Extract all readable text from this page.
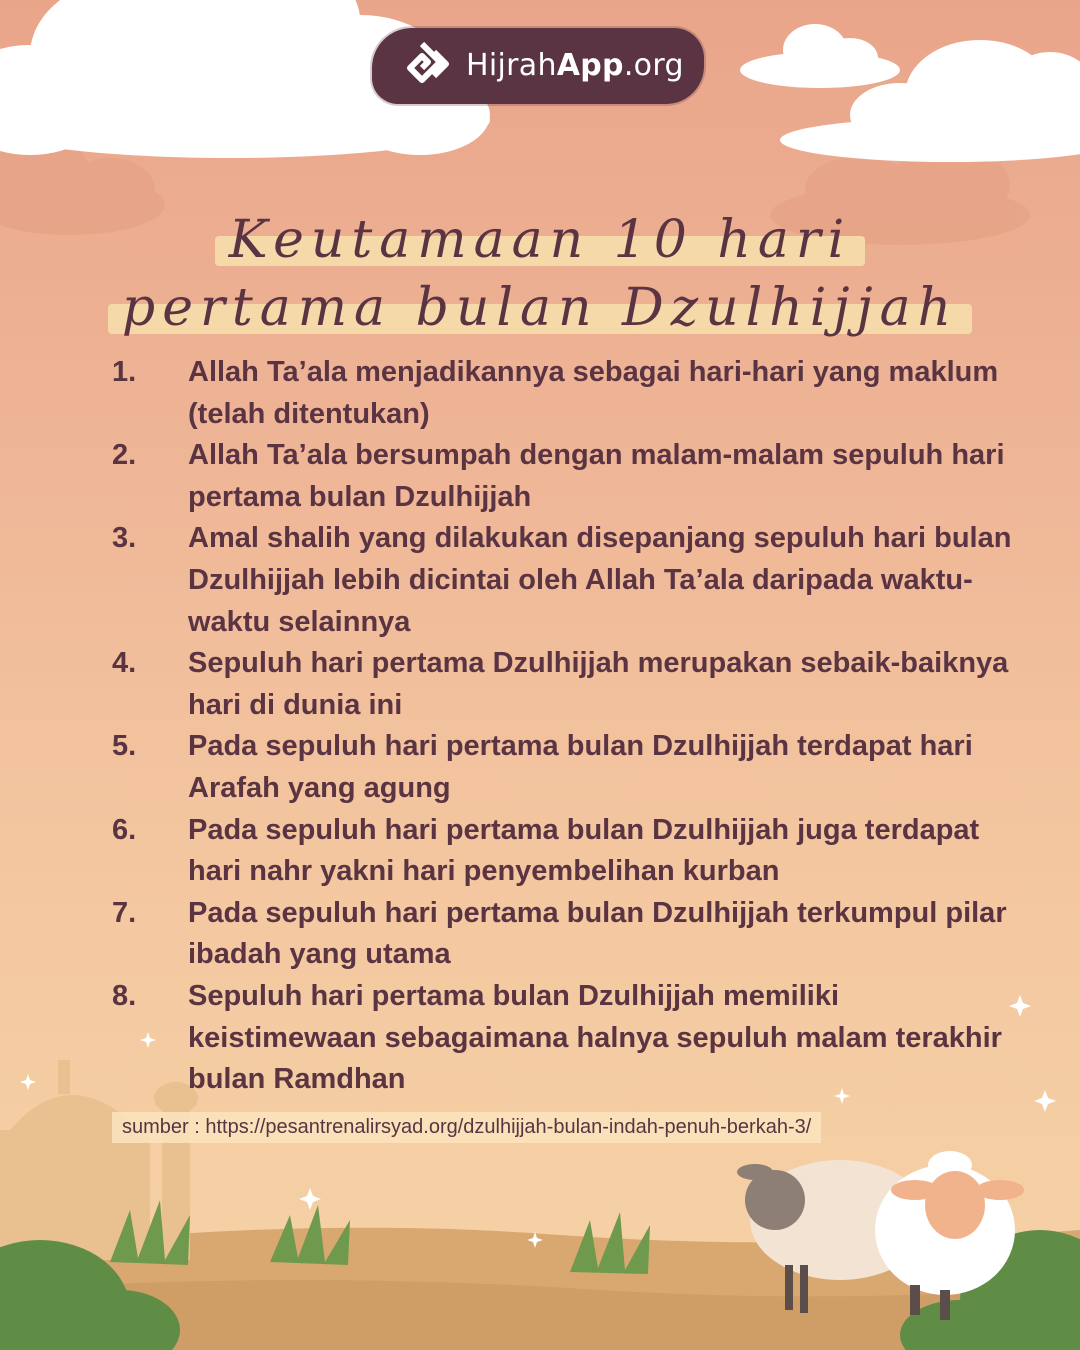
HijrahApp.org
Keutamaan 10 hari
pertama bulan Dzulhijjah
1. Allah Ta’ala menjadikannya sebagai hari-hari yang maklum (telah ditentukan)
2. Allah Ta’ala bersumpah dengan malam-malam sepuluh hari pertama bulan Dzulhijjah
3. Amal shalih yang dilakukan disepanjang sepuluh hari bulan Dzulhijjah lebih dicintai oleh Allah Ta’ala daripada waktu-waktu selainnya
4. Sepuluh hari pertama Dzulhijjah merupakan sebaik-baiknya hari di dunia ini
5. Pada sepuluh hari pertama bulan Dzulhijjah terdapat hari Arafah yang agung
6. Pada sepuluh hari pertama bulan Dzulhijjah juga terdapat hari nahr yakni hari penyembelihan kurban
7. Pada sepuluh hari pertama bulan Dzulhijjah terkumpul pilar ibadah yang utama
8. Sepuluh hari pertama bulan Dzulhijjah memiliki keistimewaan sebagaimana halnya sepuluh malam terakhir bulan Ramdhan
sumber : https://pesantrenalirsyad.org/dzulhijjah-bulan-indah-penuh-berkah-3/
